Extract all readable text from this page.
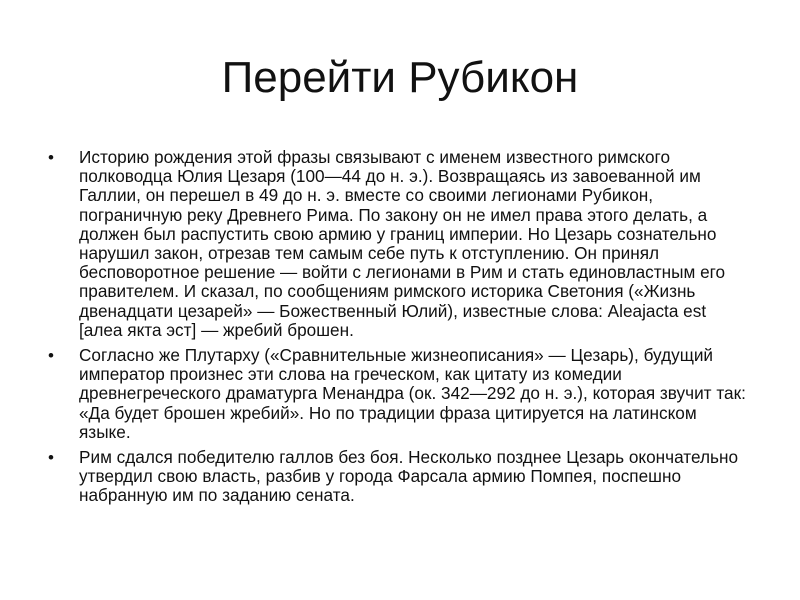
Перейти Рубикон
• Историю рождения этой фразы связывают с именем известного римского полководца Юлия Цезаря (100—44 до н. э.). Возвращаясь из завоеванной им Галлии, он перешел в 49 до н. э. вместе со своими легионами Рубикон, пограничную реку Древнего Рима. По закону он не имел права этого делать, а должен был распустить свою армию у границ империи. Но Цезарь сознательно нарушил закон, отрезав тем самым себе путь к отступлению. Он принял бесповоротное решение — войти с легионами в Рим и стать единовластным его правителем. И сказал, по сообщениям римского историка Светония («Жизнь двенадцати цезарей» — Божественный Юлий), известные слова: Aleajacta est [алеа якта эст] — жребий брошен.
• Согласно же Плутарху («Сравнительные жизнеописания» — Цезарь), будущий император произнес эти слова на греческом, как цитату из комедии древнегреческого драматурга Менандра (ок. 342—292 до н. э.), которая звучит так: «Да будет брошен жребий». Но по традиции фраза цитируется на латинском языке.
• Рим сдался победителю галлов без боя. Несколько позднее Цезарь окончательно утвердил свою власть, разбив у города Фарсала армию Помпея, поспешно набранную им по заданию сената.
